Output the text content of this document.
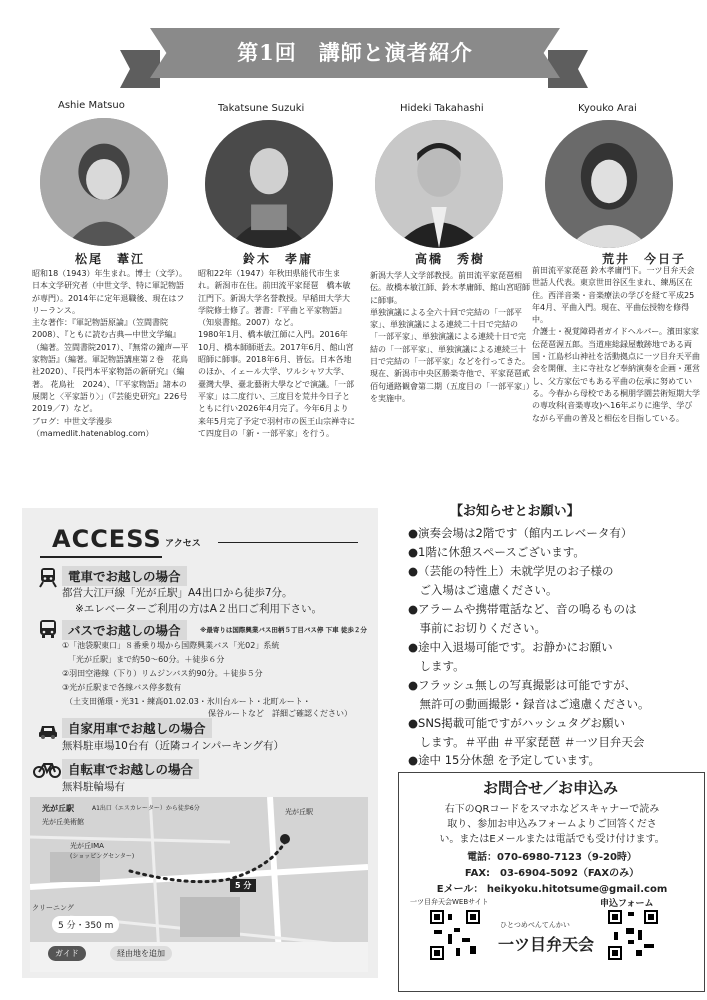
第1回　講師と演者紹介
Ashie Matsuo
松尾　葦江

昭和18（1943）年生まれ。博士（文学）。日本文学研究者（中世文学、特に軍記物語が専門）。2014年に定年退職後、現在はフリーランス。

主な著作：『軍記物語原論』（笠間書院　2008）、『ともに読む古典—中世文学編』（編著。笠間書院2017）、『無常の鐘声—平家物語』（編著。軍記物語講座第２巻　花鳥社2020）、『長門本平家物語の新研究』（編著。 花鳥社　2024）、「『平家物語』諸本の展開と〈平家語り〉」（『芸能史研究』226号　2019／7）など。

ブログ：中世文学漫歩（mamedlit.hatenablog.com）

Takatsune Suzuki
鈴木　孝庸

昭和22年（1947）年秋田県能代市生まれ。新潟市在住。前田流平家琵琶　橋本敏江門下。新潟大学名誉教授。早稲田大学大学院修士修了。著書：『平曲と平家物語』（知泉書館。2007）など。

1980年1月、橋本敏江師に入門。2016年10月、橋本師師逝去。2017年6月、館山宮昭師に師事。2018年6月、皆伝。日本各地のほか、イェール大学、ワルシャワ大学、臺灣大學、臺北藝術大學などで演議。「一部平家」は二度行い、三度目を荒井今日子とともに行い2026年4月完了。今年6月より来年5月完了予定で羽村市の医王山宗禅寺にて四度目の「新・一部平家」を行う。

Hideki Takahashi
高橋　秀樹

新潟大学人文学部教授。前田流平家琵琶相伝。故橋本敏江師、鈴木孝庸師、館山宮昭師に師事。

単独演議による全六十回で完結の「一部平家」、単独演議による連続二十日で完結の「一部平家」、単独演議による連続十日で完結の「一部平家」、単独演議による連続三十日で完結の「一部平家」などを行ってきた。

現在、新潟市中央区勝楽寺他で、平家琵琶貳佰句通路観會第二期（五度目の「一部平家」）を実施中。

Kyouko Arai
荒井　今日子

前田流平家琵琶 鈴木孝庸門下。一ツ目弁天会世話人代表。東京世田谷区生まれ、練馬区在住。西洋音楽・音楽療法の学びを経て平成25年4月、平曲入門。現在、平曲伝授物を修得中。

介護士・視覚障碍者ガイドヘルパー。濱田家家伝琵琶渥五郎。当道座総録屋敷跡地である両国・江島杉山神社を活動拠点に一ツ目弁天平曲会を開催、主に寺社など奉納演奏を企画・運営し、父方家伝でもある平曲の伝承に努めている。今春から母校である桐朋学園芸術短期大学の専攻科(音楽専攻)へ16年ぶりに進学、学びながら平曲の普及と相伝を目指している。

ACCESS アクセス
電車でお越しの場合
都営大江戸線「光が丘駅」A4出口から徒歩7分。
※エレベーターご利用の方はA２出口ご利用下さい。
バスでお越しの場合	※最寄りは国際興業バス田柄５丁目バス停 下車 徒歩２分
①「池袋駅東口」８番乗り場から国際興業バス「光02」系統
「光が丘駅」まで約50〜60分。＋徒歩６分
②羽田空港線（下り）リムジンバス約90分。＋徒歩５分
③光が丘駅まで各線バス停多数有
（土支田循環・光31・練高01.02.03・氷川台ルート・北町ルート・
保谷ルートなど　詳細ご確認ください）
自家用車でお越しの場合
無料駐車場10台有（近隣コインパーキング有）
自転車でお越しの場合
無料駐輪場有
光が丘駅	A1出口（エスカレーター）から徒歩6分
光が丘美術館
光が丘IMA
(ショッピングセンター)
光が丘駅
クリーニング
5 分
5 分・350 m
ガイド	経由地を追加
【お知らせとお願い】
●演奏会場は2階です（館内エレベータ有）
●1階に休憩スペースございます。
●（芸能の特性上）未就学児のお子様の
　ご入場はご遠慮ください。
●アラームや携帯電話など、音の鳴るものは
　事前にお切りください。
●途中入退場可能です。お静かにお願い
　します。
●フラッシュ無しの写真撮影は可能ですが、
　無許可の動画撮影・録音はご遠慮ください。
●SNS掲載可能ですがハッシュタグお願い
　します。＃平曲 ＃平家琵琶 ＃一ツ目弁天会
●途中 15分休憩 を予定しています。
お問合せ／お申込み
右下のQRコードをスマホなどスキャナーで読み
取り、参加お申込みフォームよりご回答くださ
い。またはEメールまたは電話でも受け付けます。
電話：070-6980-7123（9-20時）
FAX:　03-6904-5092（FAXのみ）
Eメール： heikyoku.hitotsume@gmail.com
一ツ目弁天会WEBサイト	申込フォーム
ひとつめべんてんかい
一ツ目弁天会
